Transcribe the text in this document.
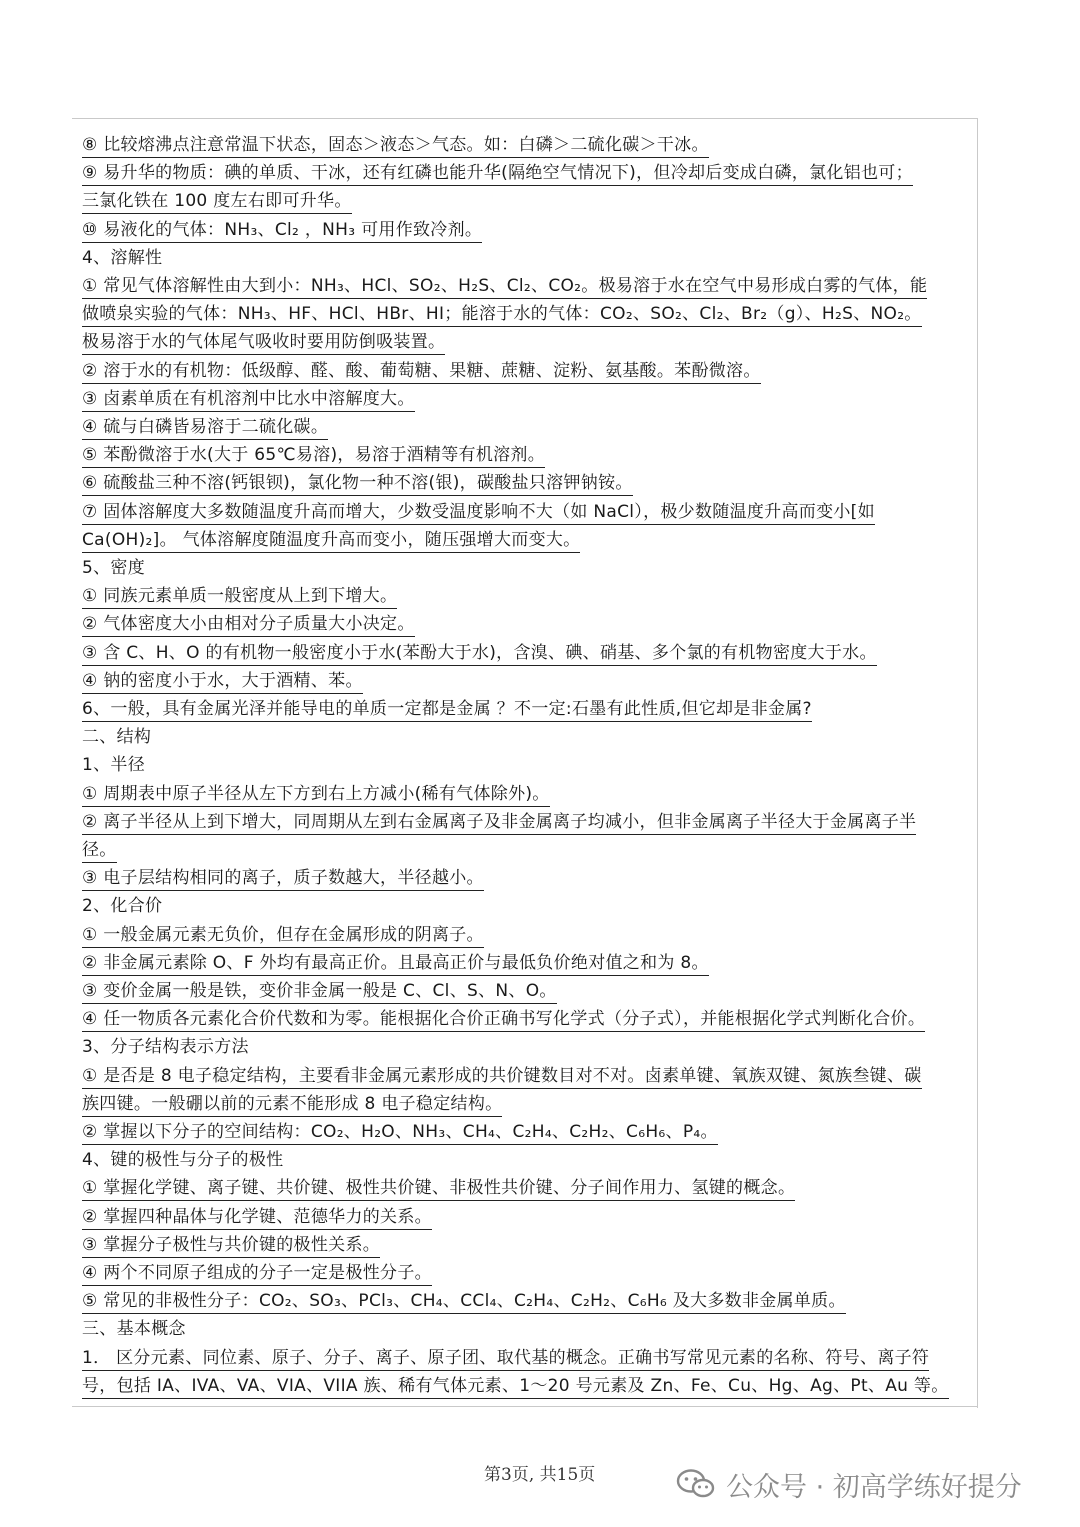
⑧ 比较熔沸点注意常温下状态，固态＞液态＞气态。如：白磷＞二硫化碳＞干冰。
⑨ 易升华的物质：碘的单质、干冰，还有红磷也能升华(隔绝空气情况下)，但冷却后变成白磷，氯化铝也可；
三氯化铁在 100 度左右即可升华。
⑩ 易液化的气体：NH₃、Cl₂ ，NH₃ 可用作致冷剂。
4、溶解性
① 常见气体溶解性由大到小：NH₃、HCl、SO₂、H₂S、Cl₂、CO₂。极易溶于水在空气中易形成白雾的气体，能
做喷泉实验的气体：NH₃、HF、HCl、HBr、HI；能溶于水的气体：CO₂、SO₂、Cl₂、Br₂（g）、H₂S、NO₂。
极易溶于水的气体尾气吸收时要用防倒吸装置。
② 溶于水的有机物：低级醇、醛、酸、葡萄糖、果糖、蔗糖、淀粉、氨基酸。苯酚微溶。
③ 卤素单质在有机溶剂中比水中溶解度大。
④ 硫与白磷皆易溶于二硫化碳。
⑤ 苯酚微溶于水(大于 65℃易溶)，易溶于酒精等有机溶剂。
⑥ 硫酸盐三种不溶(钙银钡)，氯化物一种不溶(银)，碳酸盐只溶钾钠铵。
⑦ 固体溶解度大多数随温度升高而增大，少数受温度影响不大（如 NaCl），极少数随温度升高而变小[如
Ca(OH)₂]。 气体溶解度随温度升高而变小，随压强增大而变大。
5、密度
① 同族元素单质一般密度从上到下增大。
② 气体密度大小由相对分子质量大小决定。
③ 含 C、H、O 的有机物一般密度小于水(苯酚大于水)，含溴、碘、硝基、多个氯的有机物密度大于水。
④ 钠的密度小于水，大于酒精、苯。
6、一般，具有金属光泽并能导电的单质一定都是金属 ？不一定:石墨有此性质,但它却是非金属?
二、结构
1、半径
① 周期表中原子半径从左下方到右上方减小(稀有气体除外)。
② 离子半径从上到下增大，同周期从左到右金属离子及非金属离子均减小，但非金属离子半径大于金属离子半
径。
③ 电子层结构相同的离子，质子数越大，半径越小。
2、化合价
① 一般金属元素无负价，但存在金属形成的阴离子。
② 非金属元素除 O、F 外均有最高正价。且最高正价与最低负价绝对值之和为 8。
③ 变价金属一般是铁，变价非金属一般是 C、Cl、S、N、O。
④ 任一物质各元素化合价代数和为零。能根据化合价正确书写化学式（分子式），并能根据化学式判断化合价。
3、分子结构表示方法
① 是否是 8 电子稳定结构，主要看非金属元素形成的共价键数目对不对。卤素单键、氧族双键、氮族叁键、碳
族四键。一般硼以前的元素不能形成 8 电子稳定结构。
② 掌握以下分子的空间结构：CO₂、H₂O、NH₃、CH₄、C₂H₄、C₂H₂、C₆H₆、P₄。
4、键的极性与分子的极性
① 掌握化学键、离子键、共价键、极性共价键、非极性共价键、分子间作用力、氢键的概念。
② 掌握四种晶体与化学键、范德华力的关系。
③ 掌握分子极性与共价键的极性关系。
④ 两个不同原子组成的分子一定是极性分子。
⑤ 常见的非极性分子：CO₂、SO₃、PCl₃、CH₄、CCl₄、C₂H₄、C₂H₂、C₆H₆ 及大多数非金属单质。
三、基本概念
1． 区分元素、同位素、原子、分子、离子、原子团、取代基的概念。正确书写常见元素的名称、符号、离子符
号，包括 IA、IVA、VA、VIA、VIIA 族、稀有气体元素、1～20 号元素及 Zn、Fe、Cu、Hg、Ag、Pt、Au 等。
第3页, 共15页	公众号 · 初高学练好提分
